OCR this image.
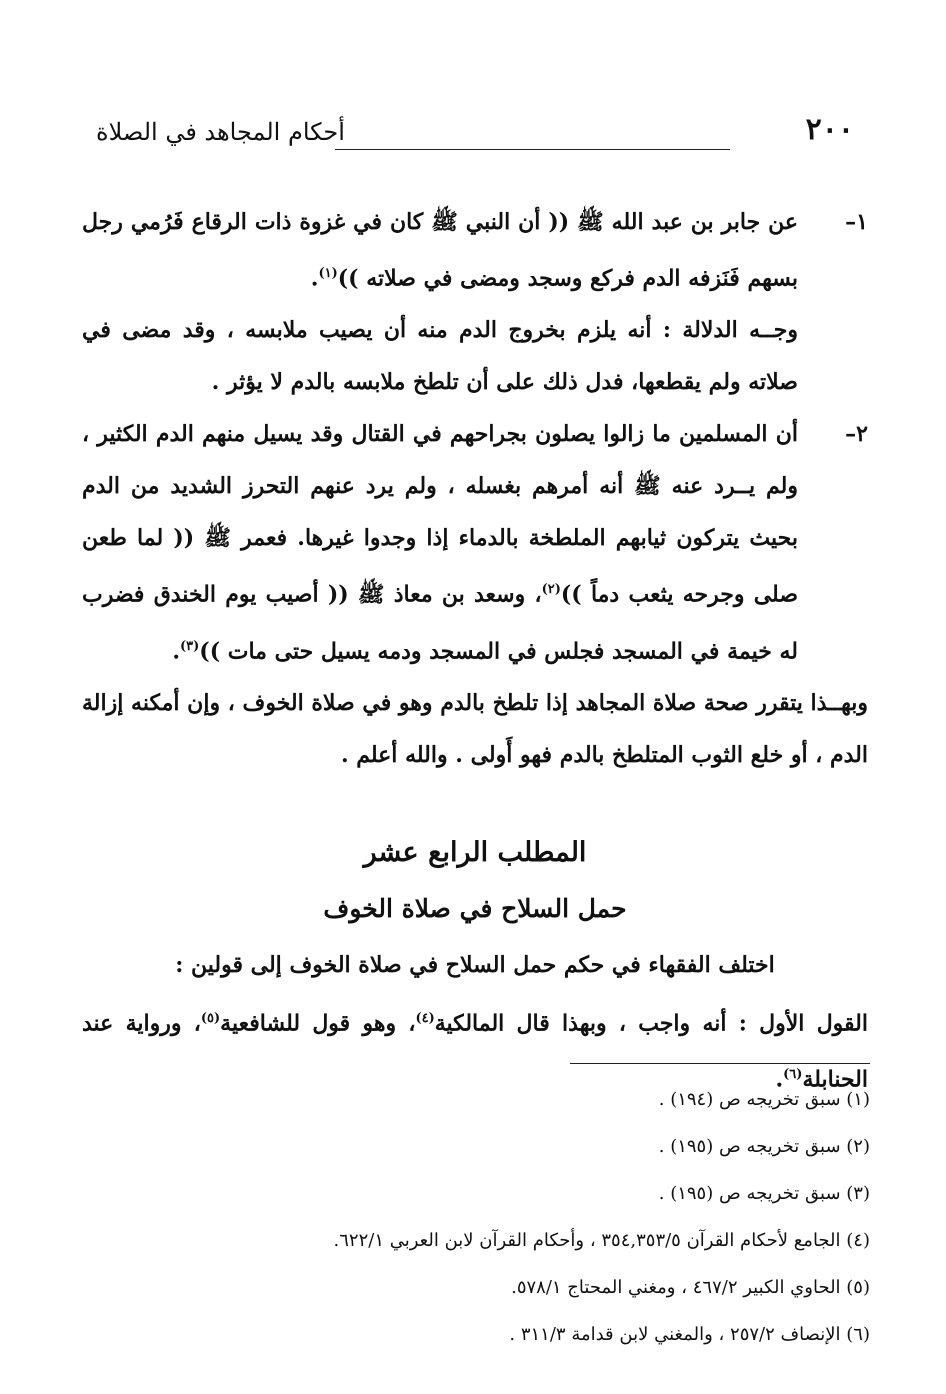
٢٠٠
أحكام المجاهد في الصلاة
١–

عن جابر بن عبد الله ﷺ (( أن النبي ﷺ كان في غزوة ذات الرقاع فَرُمي رجل بسهم فَنَزفه الدم فركع وسجد ومضى في صلاته ))$^{(١)}$.

وجــه الدلالة : أنه يلزم بخروج الدم منه أن يصيب ملابسه ، وقد مضى في صلاته ولم يقطعها، فدل ذلك على أن تلطخ ملابسه بالدم لا يؤثر .

٢–

أن المسلمين ما زالوا يصلون بجراحهم في القتال وقد يسيل منهم الدم الكثير ، ولم يــرد عنه ﷺ أنه أمرهم بغسله ، ولم يرد عنهم التحرز الشديد من الدم بحيث يتركون ثيابهم الملطخة بالدماء إذا وجدوا غيرها. فعمر ﷺ (( لما طعن صلى وجرحه يثعب دماً ))$^{(٢)}$، وسعد بن معاذ ﷺ (( أصيب يوم الخندق فضرب له خيمة في المسجد فجلس في المسجد ودمه يسيل حتى مات ))$^{(٣)}$.

وبهــذا يتقرر صحة صلاة المجاهد إذا تلطخ بالدم وهو في صلاة الخوف ، وإن أمكنه إزالة الدم ، أو خلع الثوب المتلطخ بالدم فهو أَولى . والله أعلم .

المطلب الرابع عشر
حمل السلاح في صلاة الخوف
اختلف الفقهاء في حكم حمل السلاح في صلاة الخوف إلى قولين :

القول الأول : أنه واجب ، وبهذا قال المالكية$^{(٤)}$، وهو قول للشافعية$^{(٥)}$، ورواية عند الحنابلة$^{(٦)}$.

(١) سبق تخريجه ص (١٩٤) .

(٢) سبق تخريجه ص (١٩٥) .

(٣) سبق تخريجه ص (١٩٥) .

(٤) الجامع لأحكام القرآن ٣٥٤,٣٥٣/٥ ، وأحكام القرآن لابن العربي ٦٢٢/١.

(٥) الحاوي الكبير ٤٦٧/٢ ، ومغني المحتاج ٥٧٨/١.

(٦) الإنصاف ٢٥٧/٢ ، والمغني لابن قدامة ٣١١/٣ .
